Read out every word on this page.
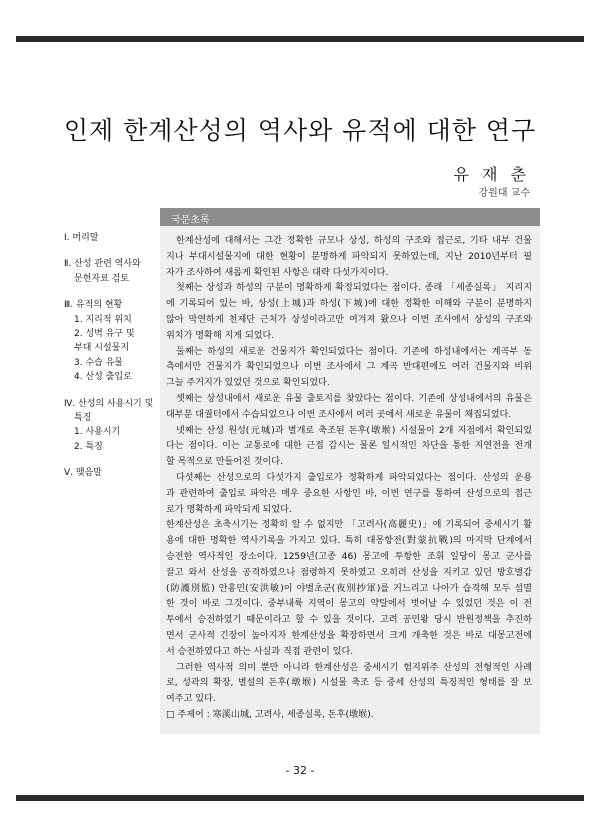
인제 한계산성의 역사와 유적에 대한 연구
유 재 춘
강원대 교수
Ⅰ. 머리말
Ⅱ. 산성 관련 역사와
문헌자료 검토
Ⅲ. 유적의 현황
1. 지리적 위치
2. 성벽 유구 및
부대 시설물지
3. 수습 유물
4. 산성 출입로
Ⅳ. 산성의 사용시기 및
특징
1. 사용시기
2. 특징
Ⅴ. 맺음말
국문초록
한계산성에 대해서는 그간 정확한 규모나 상성, 하성의 구조와 접근로, 기타 내부 건물
지나 부대시설물지에 대한 현황이 분명하게 파악되지 못하였는데, 지난 2010년부터 필
자가 조사하여 새롭게 확인된 사항은 대략 다섯가지이다.
첫째는 상성과 하성의 구분이 명확하게 확정되었다는 점이다. 종래 「세종실록」 지리지
에 기록되어 있는 바, 상성(上城)과 하성(下城)에 대한 정확한 이해와 구분이 분명하지
않아 막연하게 천제단 근처가 상성이라고만 여겨져 왔으나 이번 조사에서 상성의 구조와
위치가 명확해 지게 되었다.
둘째는 하성의 새로운 건물지가 확인되었다는 점이다. 기존에 하성내에서는 계곡부 동
측에서만 건물지가 확인되었으나 이번 조사에서 그 계곡 반대편에도 여러 건물지와 비위
그늘 주거지가 있었던 것으로 확인되었다.
셋째는 상성내에서 새로운 유물 출토지를 찾았다는 점이다. 기존에 상성내에서의 유물은
대부분 대궐터에서 수습되었으나 이번 조사에서 여러 곳에서 새로운 유물이 채집되었다.
넷째는 산성 원성(元城)과 별개로 축조된 돈후(墩堠) 시설물이 2개 지점에서 확인되었
다는 점이다. 이는 교통로에 대한 근접 감시는 물론 일시적인 차단을 통한 지연전을 전개
할 목적으로 만들어진 것이다.
다섯째는 산성으로의 다섯가지 출입로가 정확하게 파악되었다는 점이다. 산성의 운용
과 관련하여 출입로 파악은 매우 중요한 사항인 바, 이번 연구를 통하여 산성으로의 접근
로가 명확하게 파악되게 되었다.
한계산성은 초축시기는 정확히 알 수 없지만 「고려사(高麗史)」에 기록되어 중세시기 활
용에 대한 명확한 역사기록을 가지고 있다. 특히 대몽항전(對蒙抗戰)의 마지막 단계에서
승전한 역사적인 장소이다. 1259년(고종 46) 몽고에 투항한 조휘 일당이 몽고 군사를
끌고 와서 산성을 공격하였으나 점령하지 못하였고 오히려 산성을 지키고 있던 방호별감
(防護別監) 안홍민(安洪敏)이 야별초군(夜別抄軍)를 거느리고 나아가 습격해 모두 섬멸
한 것이 바로 그것이다. 중부내륙 지역이 몽고의 약탈에서 벗어날 수 있었던 것은 이 전
투에서 승전하였기 때문이라고 할 수 있을 것이다. 고려 공민왕 당시 반원정책을 추진하
면서 군사적 긴장이 높아지자 한계산성을 확장하면서 크게 개축한 것은 바로 대몽고전에
서 승전하였다고 하는 사실과 직접 관련이 있다.
그러한 역사적 의미 뿐만 아니라 한계산성은 중세시기 험지위주 산성의 전형적인 사례
로, 성곽의 확장, 별설의 돈후(墩堠) 시설물 축조 등 중세 산성의 특징적인 형태를 잘 보
여주고 있다.
□ 주제어 : 寒溪山城, 고려사, 세종실록, 돈후(墩堠).
- 32 -
